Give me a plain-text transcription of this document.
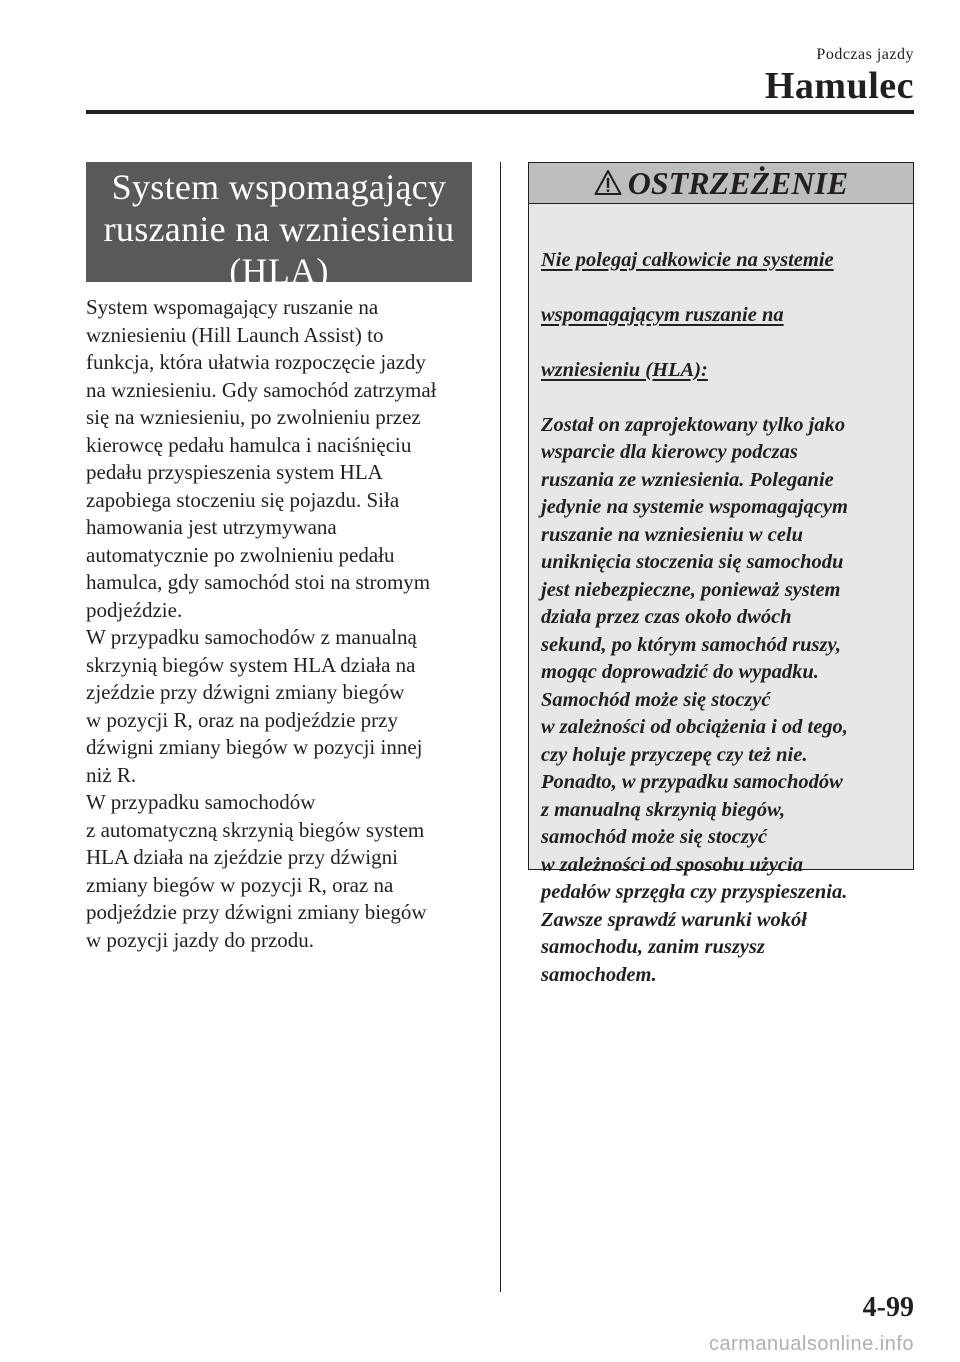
Podczas jazdy
Hamulec
System wspomagający
ruszanie na wzniesieniu
(HLA)

System wspomagający ruszanie na
wzniesieniu (Hill Launch Assist) to
funkcja, która ułatwia rozpoczęcie jazdy
na wzniesieniu. Gdy samochód zatrzymał
się na wzniesieniu, po zwolnieniu przez
kierowcę pedału hamulca i naciśnięciu
pedału przyspieszenia system HLA
zapobiega stoczeniu się pojazdu. Siła
hamowania jest utrzymywana
automatycznie po zwolnieniu pedału
hamulca, gdy samochód stoi na stromym
podjeździe.

W przypadku samochodów z manualną
skrzynią biegów system HLA działa na
zjeździe przy dźwigni zmiany biegów
w pozycji R, oraz na podjeździe przy
dźwigni zmiany biegów w pozycji innej
niż R.

W przypadku samochodów
z automatyczną skrzynią biegów system
HLA działa na zjeździe przy dźwigni
zmiany biegów w pozycji R, oraz na
podjeździe przy dźwigni zmiany biegów
w pozycji jazdy do przodu.

OSTRZEŻENIE

Nie polegaj całkowicie na systemie

wspomagającym ruszanie na

wzniesieniu (HLA):

Został on zaprojektowany tylko jako
wsparcie dla kierowcy podczas
ruszania ze wzniesienia. Poleganie
jedynie na systemie wspomagającym
ruszanie na wzniesieniu w celu
uniknięcia stoczenia się samochodu
jest niebezpieczne, ponieważ system
działa przez czas około dwóch
sekund, po którym samochód ruszy,
mogąc doprowadzić do wypadku.
Samochód może się stoczyć
w zależności od obciążenia i od tego,
czy holuje przyczepę czy też nie.
Ponadto, w przypadku samochodów
z manualną skrzynią biegów,
samochód może się stoczyć
w zależności od sposobu użycia
pedałów sprzęgła czy przyspieszenia.
Zawsze sprawdź warunki wokół
samochodu, zanim ruszysz
samochodem.

4-99
carmanualsonline.info
